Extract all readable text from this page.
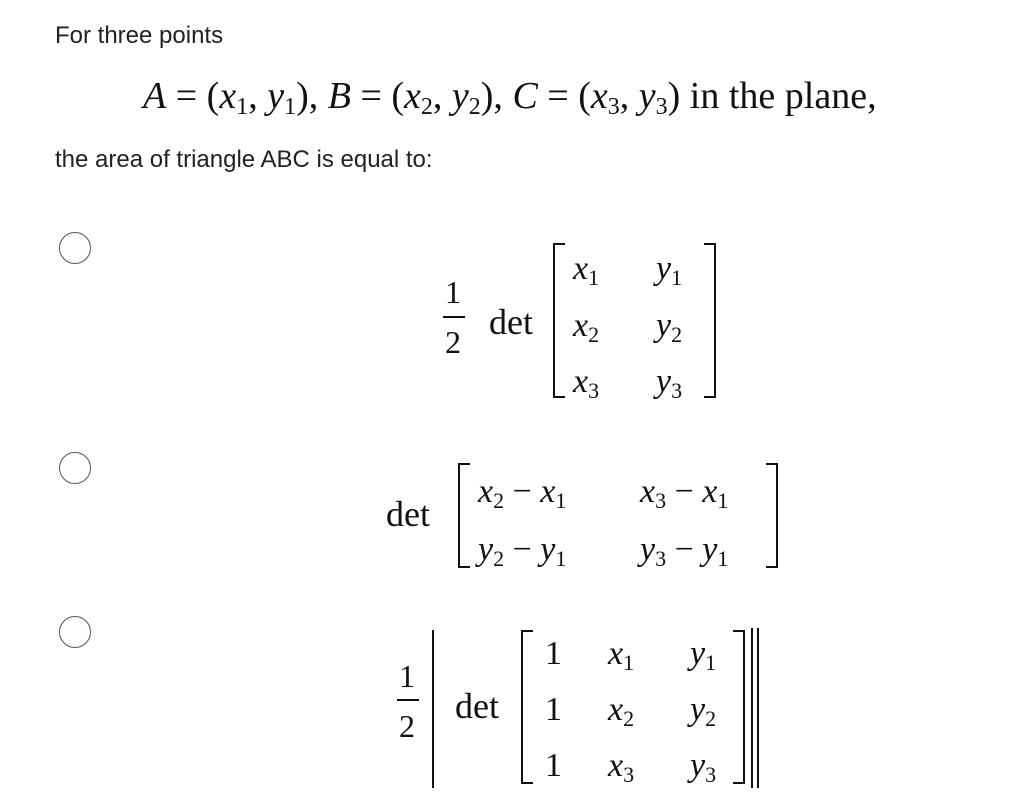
For three points
$A = (x_1$, $y_1$), $B = (x_2$, $y_2$), $C = (x_3$, $y_3$) in the plane,
the area of triangle ABC is equal to:
1
2 det
$x_1$ $y_1$
$x_2$ $y_2$
$x_3$ $y_3$
det
$x_2 - x_1$ $x_3 - x_1$
$y_2 - y_1$ $y_3 - y_1$
1
2 det
1 $x_1$ $y_1$
1 $x_2$ $y_2$
1 $x_3$ $y_3$
